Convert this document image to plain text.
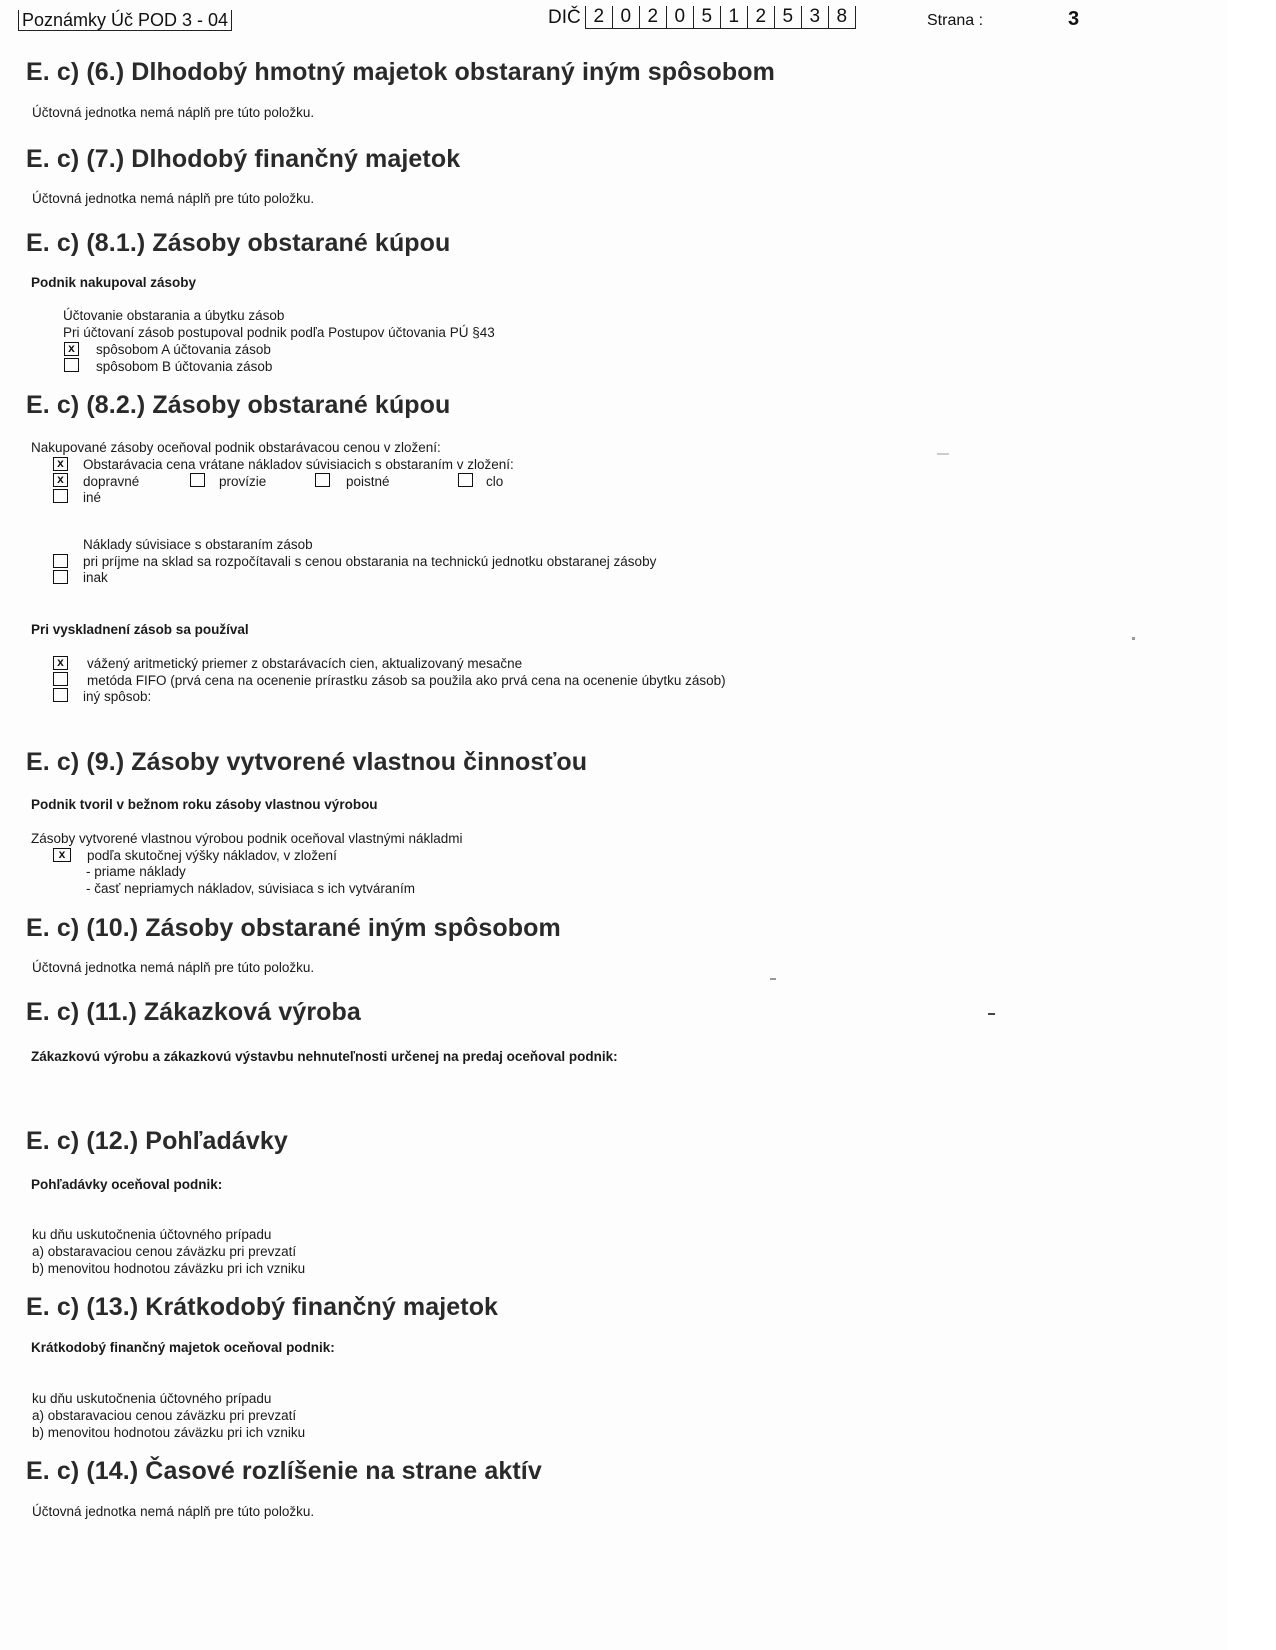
Poznámky Úč POD 3 - 04	DIČ 2 0 2 0 5 1 2 5 3 8	Strana :	3
E. c) (6.) Dlhodobý hmotný majetok obstaraný iným spôsobom
Účtovná jednotka nemá náplň pre túto položku.
E. c) (7.) Dlhodobý finančný majetok
Účtovná jednotka nemá náplň pre túto položku.
E. c) (8.1.) Zásoby obstarané kúpou
Podnik nakupoval zásoby
Účtovanie obstarania a úbytku zásob
Pri účtovaní zásob postupoval podnik podľa Postupov účtovania PÚ §43
x	spôsobom A účtovania zásob
spôsobom B účtovania zásob
E. c) (8.2.) Zásoby obstarané kúpou
Nakupované zásoby oceňoval podnik obstarávacou cenou v zložení:
x	Obstarávacia cena vrátane nákladov súvisiacich s obstaraním v zložení:
x	dopravné	provízie	poistné	clo
iné
Náklady súvisiace s obstaraním zásob
pri príjme na sklad sa rozpočítavali s cenou obstarania na technickú jednotku obstaranej zásoby
inak
Pri vyskladnení zásob sa používal
x	vážený aritmetický priemer z obstarávacích cien, aktualizovaný mesačne
metóda FIFO (prvá cena na ocenenie prírastku zásob sa použila ako prvá cena na ocenenie úbytku zásob)
iný spôsob:
E. c) (9.) Zásoby vytvorené vlastnou činnosťou
Podnik tvoril v bežnom roku zásoby vlastnou výrobou
Zásoby vytvorené vlastnou výrobou podnik oceňoval vlastnými nákladmi
x	podľa skutočnej výšky nákladov, v zložení
- priame náklady
- časť nepriamych nákladov, súvisiaca s ich vytváraním
E. c) (10.) Zásoby obstarané iným spôsobom
Účtovná jednotka nemá náplň pre túto položku.
E. c) (11.) Zákazková výroba
Zákazkovú výrobu a zákazkovú výstavbu nehnuteľnosti určenej na predaj oceňoval podnik:
E. c) (12.) Pohľadávky
Pohľadávky oceňoval podnik:
ku dňu uskutočnenia účtovného prípadu
a) obstaravaciou cenou záväzku pri prevzatí
b) menovitou hodnotou záväzku pri ich vzniku
E. c) (13.) Krátkodobý finančný majetok
Krátkodobý finančný majetok oceňoval podnik:
ku dňu uskutočnenia účtovného prípadu
a) obstaravaciou cenou záväzku pri prevzatí
b) menovitou hodnotou záväzku pri ich vzniku
E. c) (14.) Časové rozlíšenie na strane aktív
Účtovná jednotka nemá náplň pre túto položku.
